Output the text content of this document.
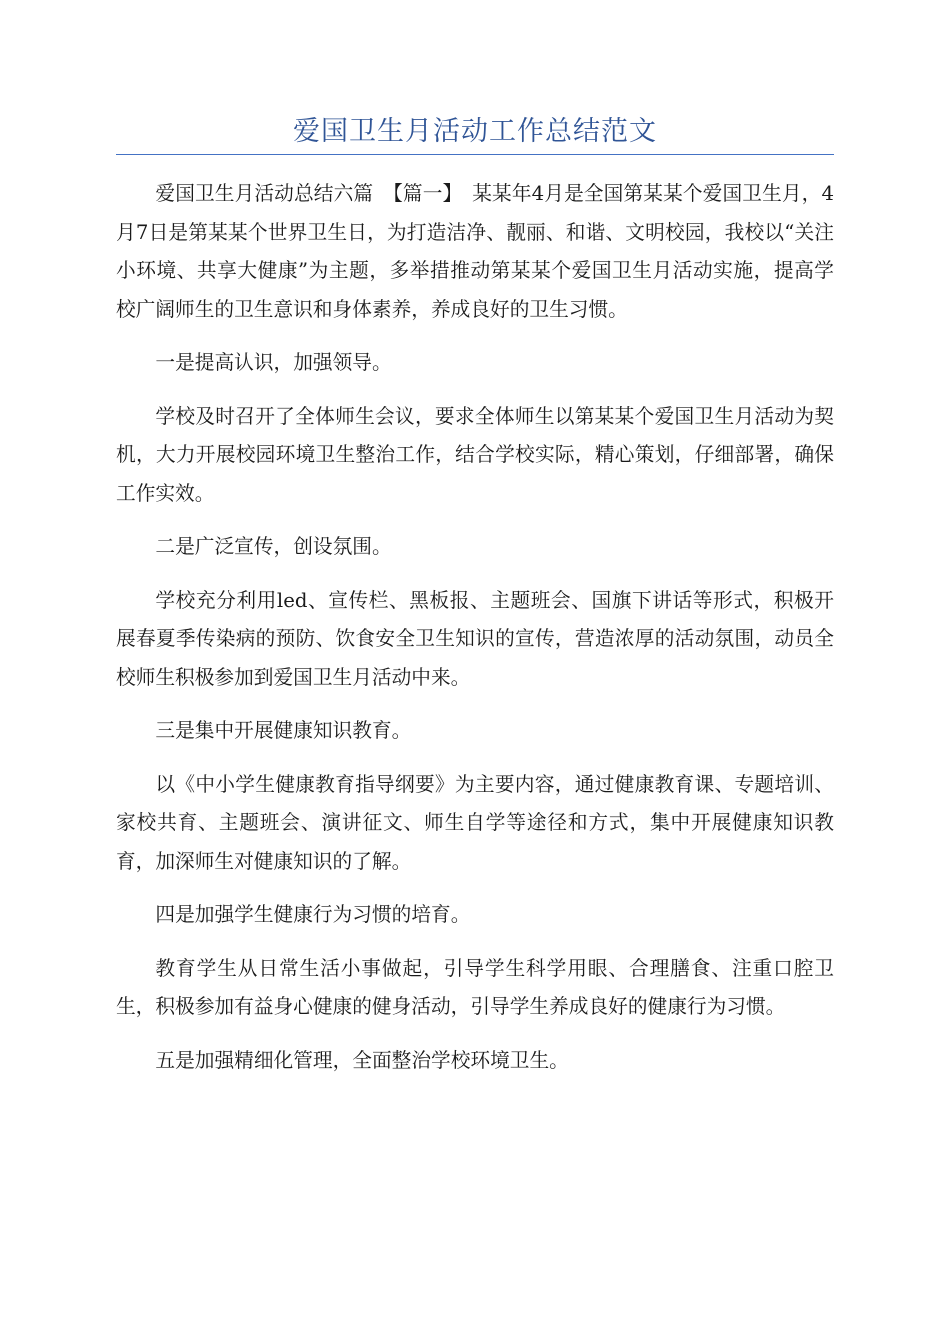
爱国卫生月活动工作总结范文

爱国卫生月活动总结六篇　【篇一】　某某年4月是全国第某某个爱国卫生月，4月7日是第某某个世界卫生日，为打造洁净、靓丽、和谐、文明校园，我校以“关注小环境、共享大健康”为主题，多举措推动第某某个爱国卫生月活动实施，提高学校广阔师生的卫生意识和身体素养，养成良好的卫生习惯。

一是提高认识，加强领导。

学校及时召开了全体师生会议，要求全体师生以第某某个爱国卫生月活动为契机，大力开展校园环境卫生整治工作，结合学校实际，精心策划，仔细部署，确保工作实效。

二是广泛宣传，创设氛围。

学校充分利用led、宣传栏、黑板报、主题班会、国旗下讲话等形式，积极开展春夏季传染病的预防、饮食安全卫生知识的宣传，营造浓厚的活动氛围，动员全校师生积极参加到爱国卫生月活动中来。

三是集中开展健康知识教育。

以《中小学生健康教育指导纲要》为主要内容，通过健康教育课、专题培训、家校共育、主题班会、演讲征文、师生自学等途径和方式，集中开展健康知识教育，加深师生对健康知识的了解。

四是加强学生健康行为习惯的培育。

教育学生从日常生活小事做起，引导学生科学用眼、合理膳食、注重口腔卫生，积极参加有益身心健康的健身活动，引导学生养成良好的健康行为习惯。

五是加强精细化管理，全面整治学校环境卫生。
